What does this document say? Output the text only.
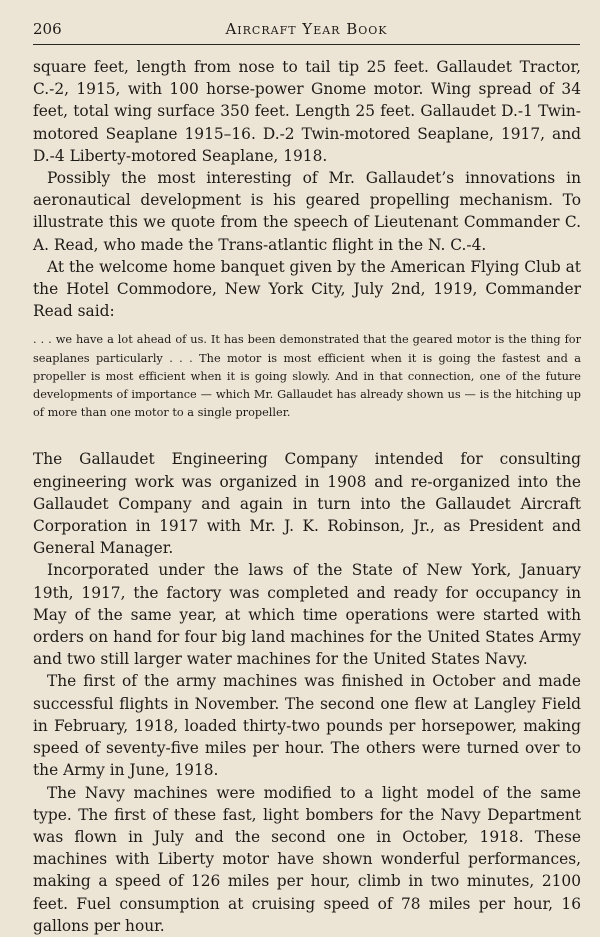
206	Aircraft Year Book

square feet, length from nose to tail tip 25 feet. Gallaudet Tractor, C.-2, 1915, with 100 horse-power Gnome motor. Wing spread of 34 feet, total wing surface 350 feet. Length 25 feet. Gallaudet D.-1 Twin-motored Seaplane 1915–16. D.-2 Twin-motored Seaplane, 1917, and D.-4 Liberty-motored Seaplane, 1918.

Possibly the most interesting of Mr. Gallaudet’s innovations in aeronautical development is his geared propelling mechanism. To illustrate this we quote from the speech of Lieutenant Commander C. A. Read, who made the Trans-atlantic flight in the N. C.-4.

At the welcome home banquet given by the American Flying Club at the Hotel Commodore, New York City, July 2nd, 1919, Commander Read said:

. . . we have a lot ahead of us. It has been demonstrated that the geared motor is the thing for seaplanes particularly . . . The motor is most efficient when it is going the fastest and a propeller is most efficient when it is going slowly. And in that connection, one of the future developments of importance — which Mr. Gallaudet has already shown us — is the hitching up of more than one motor to a single propeller.

The Gallaudet Engineering Company intended for consulting engineering work was organized in 1908 and re-organized into the Gallaudet Company and again in turn into the Gallaudet Aircraft Corporation in 1917 with Mr. J. K. Robinson, Jr., as President and General Manager.

Incorporated under the laws of the State of New York, January 19th, 1917, the factory was completed and ready for occupancy in May of the same year, at which time operations were started with orders on hand for four big land machines for the United States Army and two still larger water machines for the United States Navy.

The first of the army machines was finished in October and made successful flights in November. The second one flew at Langley Field in February, 1918, loaded thirty-two pounds per horsepower, making speed of seventy-five miles per hour. The others were turned over to the Army in June, 1918.

The Navy machines were modified to a light model of the same type. The first of these fast, light bombers for the Navy Department was flown in July and the second one in October, 1918. These machines with Liberty motor have shown wonderful performances, making a speed of 126 miles per hour, climb in two minutes, 2100 feet. Fuel consumption at cruising speed of 78 miles per hour, 16 gallons per hour.
